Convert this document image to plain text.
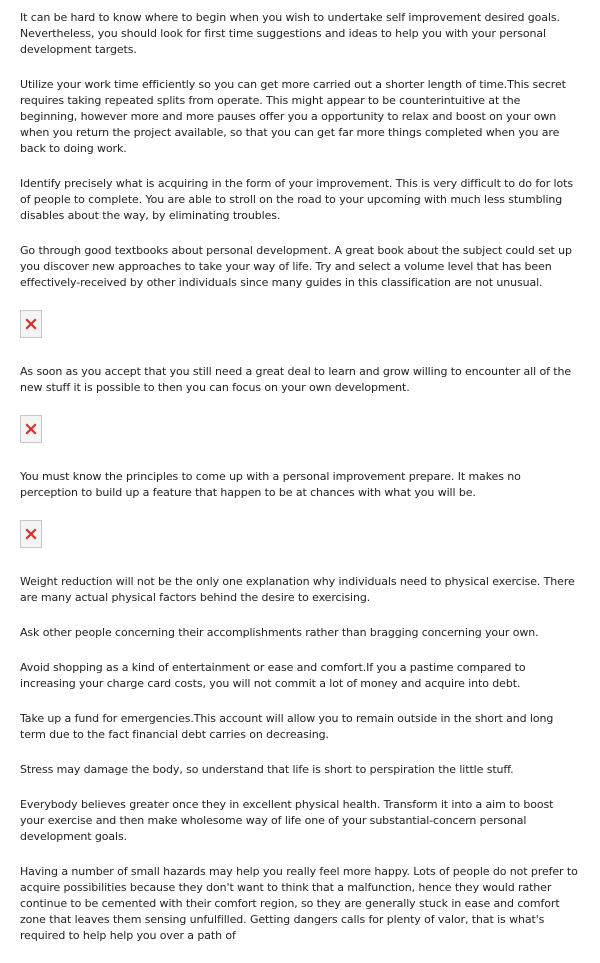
It can be hard to know where to begin when you wish to undertake self improvement desired goals. Nevertheless, you should look for first time suggestions and ideas to help you with your personal development targets.

Utilize your work time efficiently so you can get more carried out a shorter length of time.This secret requires taking repeated splits from operate. This might appear to be counterintuitive at the beginning, however more and more pauses offer you a opportunity to relax and boost on your own when you return the project available, so that you can get far more things completed when you are back to doing work.

Identify precisely what is acquiring in the form of your improvement. This is very difficult to do for lots of people to complete. You are able to stroll on the road to your upcoming with much less stumbling disables about the way, by eliminating troubles.

Go through good textbooks about personal development. A great book about the subject could set up you discover new approaches to take your way of life. Try and select a volume level that has been effectively-received by other individuals since many guides in this classification are not unusual.

As soon as you accept that you still need a great deal to learn and grow willing to encounter all of the new stuff it is possible to then you can focus on your own development.

You must know the principles to come up with a personal improvement prepare. It makes no perception to build up a feature that happen to be at chances with what you will be.

Weight reduction will not be the only one explanation why individuals need to physical exercise. There are many actual physical factors behind the desire to exercising.

Ask other people concerning their accomplishments rather than bragging concerning your own.

Avoid shopping as a kind of entertainment or ease and comfort.If you a pastime compared to increasing your charge card costs, you will not commit a lot of money and acquire into debt.

Take up a fund for emergencies.This account will allow you to remain outside in the short and long term due to the fact financial debt carries on decreasing.

Stress may damage the body, so understand that life is short to perspiration the little stuff.

Everybody believes greater once they in excellent physical health. Transform it into a aim to boost your exercise and then make wholesome way of life one of your substantial-concern personal development goals.

Having a number of small hazards may help you really feel more happy. Lots of people do not prefer to acquire possibilities because they don't want to think that a malfunction, hence they would rather continue to be cemented with their comfort region, so they are generally stuck in ease and comfort zone that leaves them sensing unfulfilled. Getting dangers calls for plenty of valor, that is what's required to help help you over a path of
